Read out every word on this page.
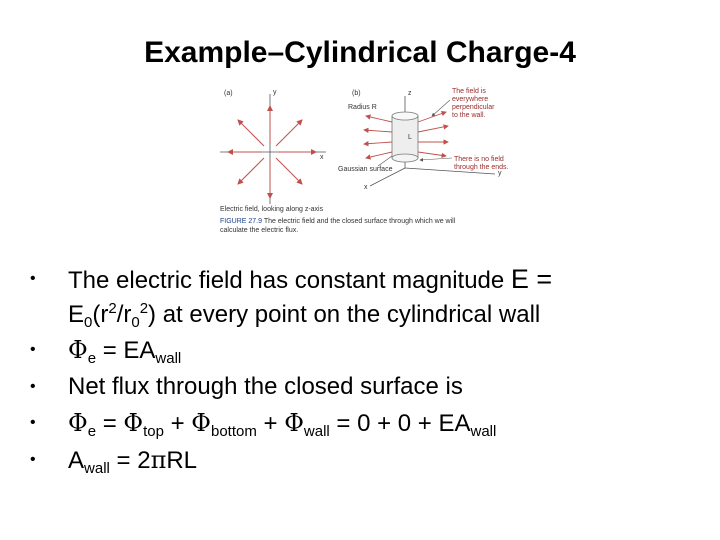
Example–Cylindrical Charge-4
(a)	y
x
(b)	z
y
x
Radius R
L
Gaussian surface
The field is
everywhere
perpendicular
to the wall.
There is no field
through the ends.
Electric field, looking along z-axis
FIGURE 27.9 The electric field and the closed surface through which we will
calculate the electric flux.
• The electric field has constant magnitude E =
$E_0(r^2/r_0^2)$ at every point on the cylindrical wall
• $\Phi_e = EA_{wall}$
• Net flux through the closed surface is
• $\Phi_e = \Phi_{top} + \Phi_{bottom} + \Phi_{wall} = 0 + 0 + EA_{wall}$
• $A_{wall} = 2\pi RL$
